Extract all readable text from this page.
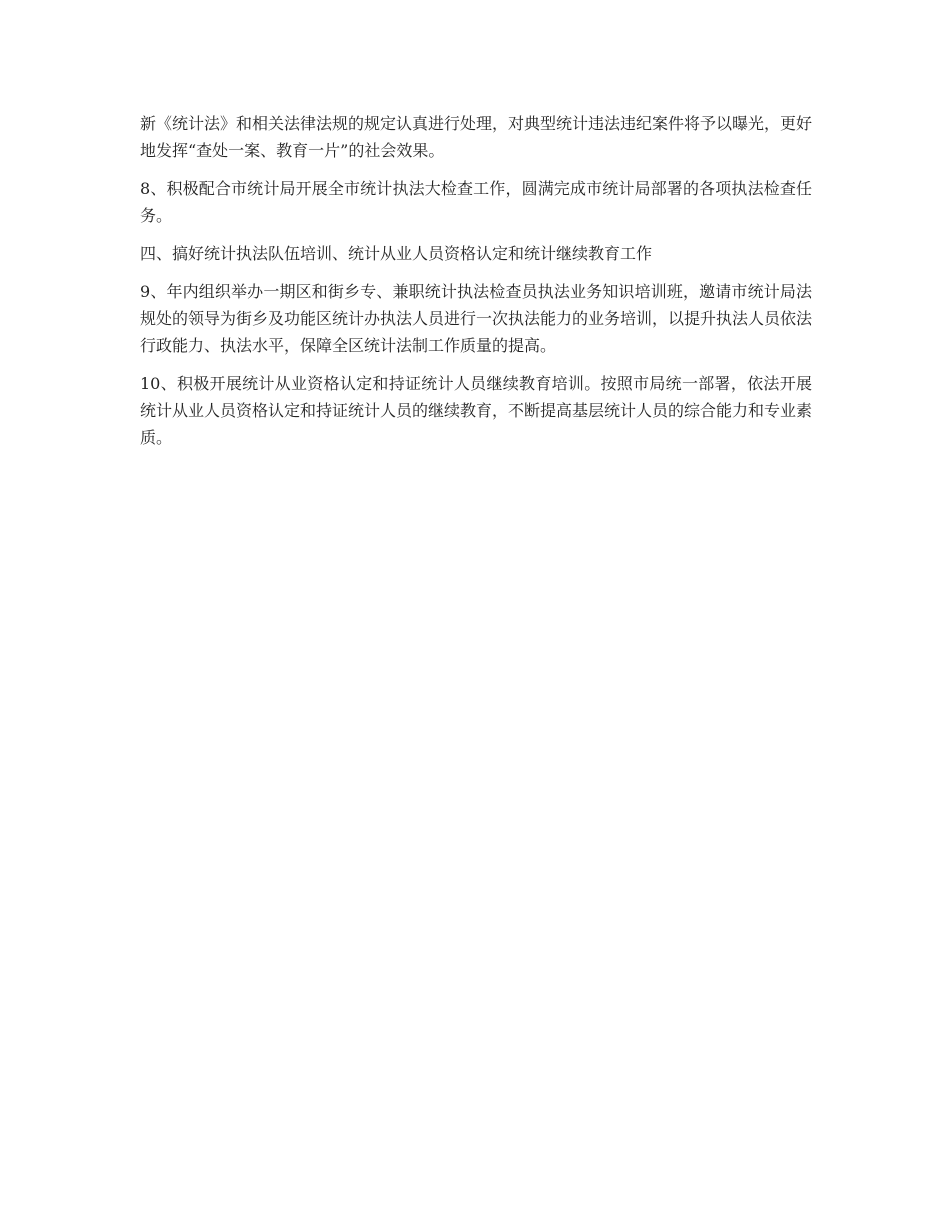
新《统计法》和相关法律法规的规定认真进行处理，对典型统计违法违纪案件将予以曝光，更好地发挥“查处一案、教育一片”的社会效果。

8、积极配合市统计局开展全市统计执法大检查工作，圆满完成市统计局部署的各项执法检查任务。

四、搞好统计执法队伍培训、统计从业人员资格认定和统计继续教育工作

9、年内组织举办一期区和街乡专、兼职统计执法检查员执法业务知识培训班，邀请市统计局法规处的领导为街乡及功能区统计办执法人员进行一次执法能力的业务培训，以提升执法人员依法行政能力、执法水平，保障全区统计法制工作质量的提高。

10、积极开展统计从业资格认定和持证统计人员继续教育培训。按照市局统一部署，依法开展统计从业人员资格认定和持证统计人员的继续教育，不断提高基层统计人员的综合能力和专业素质。
